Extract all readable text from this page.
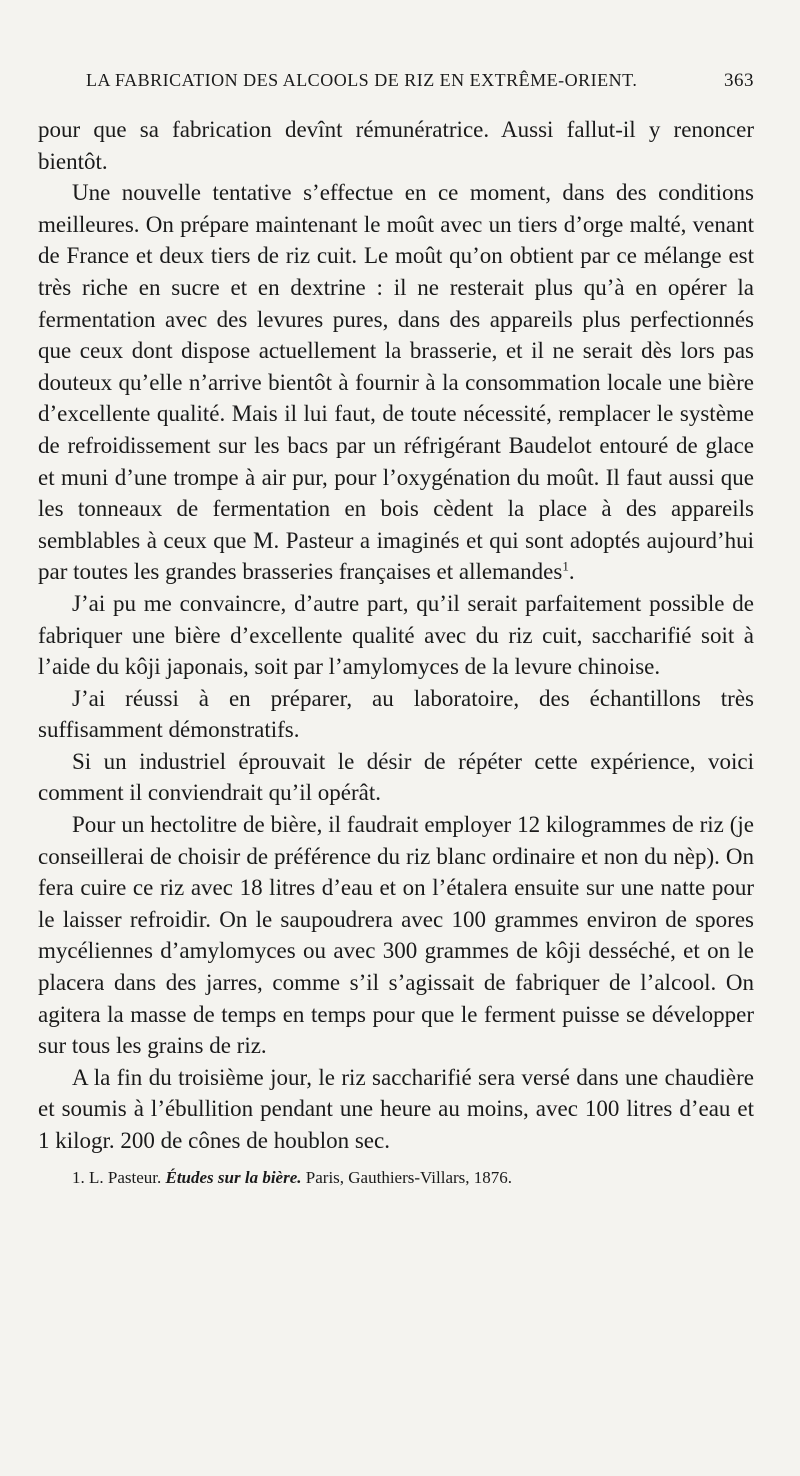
LA FABRICATION DES ALCOOLS DE RIZ EN EXTRÊME-ORIENT.	363

pour que sa fabrication devînt rémunératrice. Aussi fallut-il y renoncer bientôt.

Une nouvelle tentative s’effectue en ce moment, dans des conditions meilleures. On prépare maintenant le moût avec un tiers d’orge malté, venant de France et deux tiers de riz cuit. Le moût qu’on obtient par ce mélange est très riche en sucre et en dextrine : il ne resterait plus qu’à en opérer la fermentation avec des levures pures, dans des appareils plus perfectionnés que ceux dont dispose actuellement la brasserie, et il ne serait dès lors pas douteux qu’elle n’arrive bientôt à fournir à la consommation locale une bière d’excellente qualité. Mais il lui faut, de toute nécessité, remplacer le système de refroidissement sur les bacs par un réfrigérant Baudelot entouré de glace et muni d’une trompe à air pur, pour l’oxygénation du moût. Il faut aussi que les tonneaux de fermentation en bois cèdent la place à des appareils semblables à ceux que M. Pasteur a imaginés et qui sont adoptés aujourd’hui par toutes les grandes brasseries françaises et allemandes$^1$.

J’ai pu me convaincre, d’autre part, qu’il serait parfaitement possible de fabriquer une bière d’excellente qualité avec du riz cuit, saccharifié soit à l’aide du kôji japonais, soit par l’amylomyces de la levure chinoise.

J’ai réussi à en préparer, au laboratoire, des échantillons très suffisamment démonstratifs.

Si un industriel éprouvait le désir de répéter cette expérience, voici comment il conviendrait qu’il opérât.

Pour un hectolitre de bière, il faudrait employer 12 kilogrammes de riz (je conseillerai de choisir de préférence du riz blanc ordinaire et non du nèp). On fera cuire ce riz avec 18 litres d’eau et on l’étalera ensuite sur une natte pour le laisser refroidir. On le saupoudrera avec 100 grammes environ de spores mycéliennes d’amylomyces ou avec 300 grammes de kôji desséché, et on le placera dans des jarres, comme s’il s’agissait de fabriquer de l’alcool. On agitera la masse de temps en temps pour que le ferment puisse se développer sur tous les grains de riz.

A la fin du troisième jour, le riz saccharifié sera versé dans une chaudière et soumis à l’ébullition pendant une heure au moins, avec 100 litres d’eau et 1 kilogr. 200 de cônes de houblon sec.

1. L. Pasteur. Études sur la bière. Paris, Gauthiers-Villars, 1876.
